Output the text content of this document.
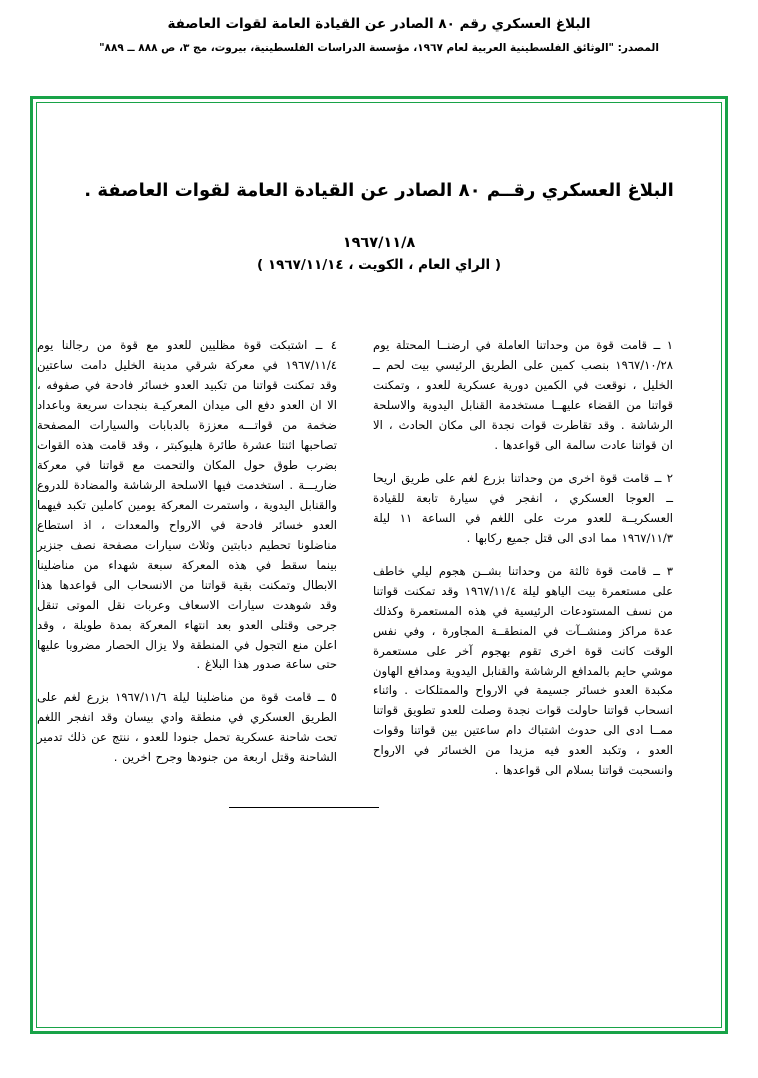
البلاغ العسكري رقم ٨٠ الصادر عن القيادة العامة لقوات العاصفة
المصدر: "الوثائق الفلسطينية العربية لعام ١٩٦٧، مؤسسة الدراسات الفلسطينية، بيروت، مج ٣، ص ٨٨٨ ــ ٨٨٩"
البلاغ العسكري رقــم ٨٠ الصادر عن القيادة العامة لقوات العاصفة .
١٩٦٧/١١/٨
( الراي العام ، الكويت ، ١٩٦٧/١١/١٤ )

١ ــ قامت قوة من وحداتنا العاملة في ارضنــا المحتلة يوم ١٩٦٧/١٠/٢٨ بنصب كمين على الطريق الرئيسي بيت لحم ــ الخليل ، نوقعت في الكمين دورية عسكرية للعدو ، وتمكنت قواتنا من القضاء عليهــا مستخدمة القنابل اليدوية والاسلحة الرشاشة . وقد تقاطرت قوات نجدة الى مكان الحادث ، الا ان قواتنا عادت سالمة الى قواعدها .

٢ ــ قامت قوة اخرى من وحداتنا بزرع لغم على طريق اريحا ــ العوجا العسكري ، انفجر في سيارة تابعة للقيادة العسكريــة للعدو مرت على اللغم في الساعة ١١ ليلة ١٩٦٧/١١/٣ مما ادى الى قتل جميع ركابها .

٣ ــ قامت قوة ثالثة من وحداتنا بشــن هجوم ليلي خاطف على مستعمرة بيت الياهو ليلة ١٩٦٧/١١/٤ وقد تمكنت قواتنا من نسف المستودعات الرئيسية في هذه المستعمرة وكذلك عدة مراكز ومنشــآت في المنطقــة المجاورة ، وفي نفس الوقت كانت قوة اخرى تقوم بهجوم آخر على مستعمرة موشي حايم بالمدافع الرشاشة والقنابل اليدوية ومدافع الهاون مكبدة العدو خسائر جسيمة في الارواح والممتلكات . واثناء انسحاب قواتنا حاولت قوات نجدة وصلت للعدو تطويق قواتنا ممــا ادى الى حدوث اشتباك دام ساعتين بين قواتنا وقوات العدو ، وتكبد العدو فيه مزيدا من الخسائر في الارواح وانسحبت قواتنا بسلام الى قواعدها .

٤ ــ اشتبكت قوة مظليين للعدو مع قوة من رجالنا يوم ١٩٦٧/١١/٤ في معركة شرقي مدينة الخليل دامت ساعتين وقد تمكنت قواتنا من تكبيد العدو خسائر فادحة في صفوفه ، الا ان العدو دفع الى ميدان المعركيـة بنجدات سريعة وباعداد ضخمة من قواتـــه معززة بالدبابات والسيارات المصفحة تصاحبها اثنتا عشرة طائرة هليوكبتر ، وقد قامت هذه القوات بضرب طوق حول المكان والتحمت مع قواتنا في معركة ضاريـــة . استخدمت فيها الاسلحة الرشاشة والمضادة للدروع والقنابل اليدوية ، واستمرت المعركة يومين كاملين تكبد فيهما العدو خسائر فادحة في الارواح والمعدات ، اذ استطاع مناضلونا تحطيم دبابتين وثلاث سيارات مصفحة نصف جنزير بينما سقط في هذه المعركة سبعة شهداء من مناضلينا الابطال وتمكنت بقية قواتنا من الانسحاب الى قواعدها هذا وقد شوهدت سيارات الاسعاف وعربات نقل الموتى تنقل جرحى وقتلى العدو بعد انتهاء المعركة بمدة طويلة ، وقد اعلن منع التجول في المنطقة ولا يزال الحصار مضروبا عليها حتى ساعة صدور هذا البلاغ .

٥ ــ قامت قوة من مناضلينا ليلة ١٩٦٧/١١/٦ بزرع لغم على الطريق العسكري في منطقة وادي بيسان وقد انفجر اللغم تحت شاحنة عسكرية تحمل جنودا للعدو ، ننتج عن ذلك تدمير الشاحنة وقتل اربعة من جنودها وجرح اخرين .
